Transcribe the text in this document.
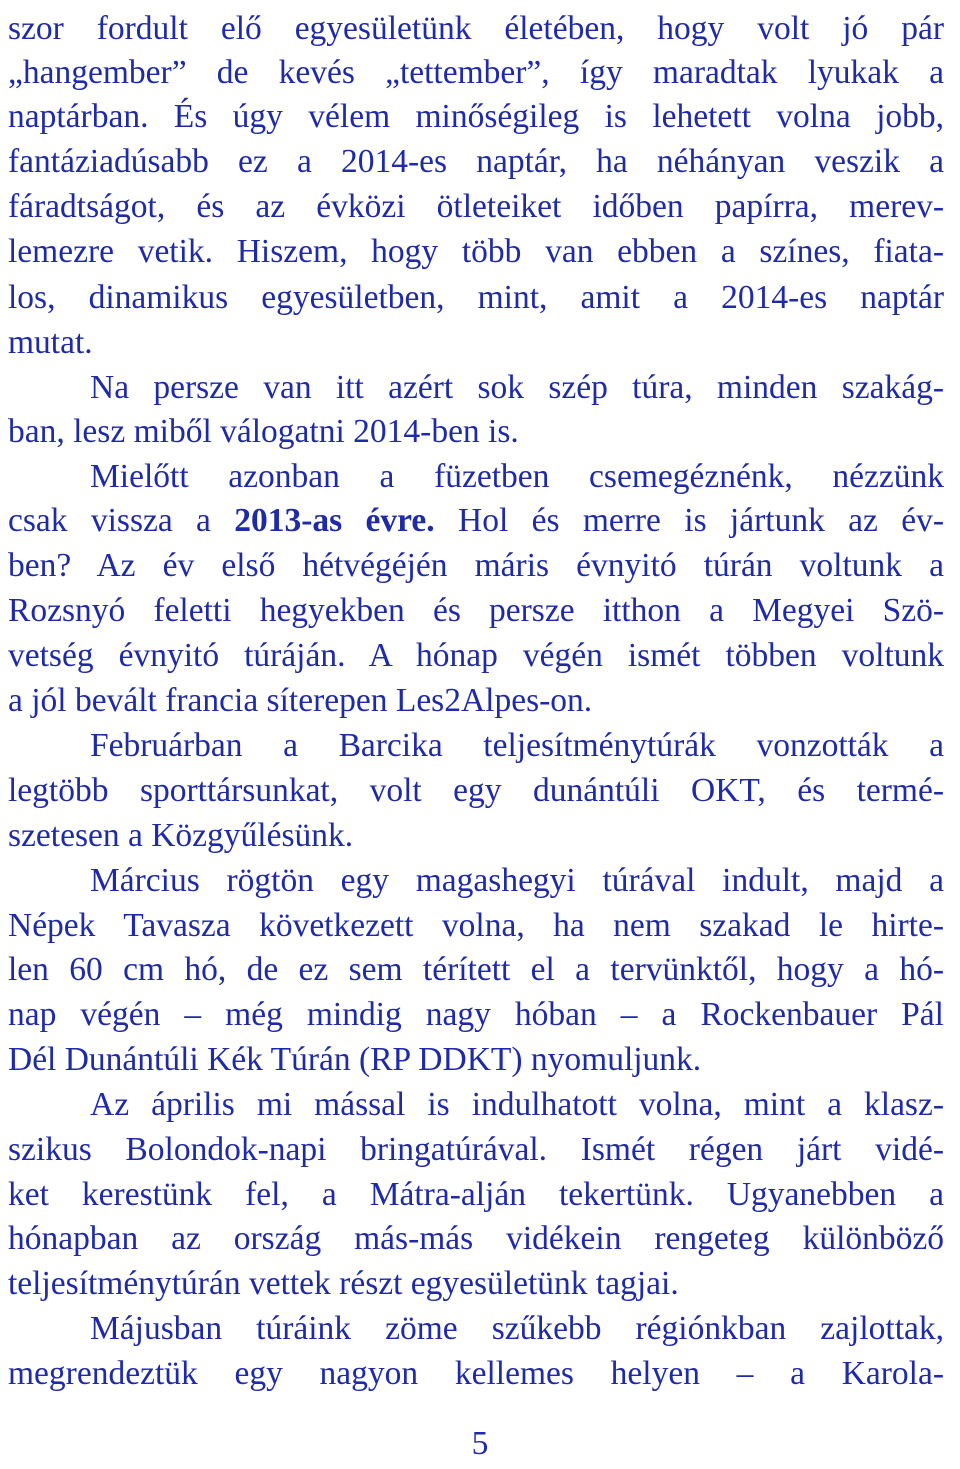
szor fordult elő egyesületünk életében, hogy volt jó pár
„hangember” de kevés „tettember”, így maradtak lyukak a
naptárban. És úgy vélem minőségileg is lehetett volna jobb,
fantáziadúsabb ez a 2014-es naptár, ha néhányan veszik a
fáradtságot, és az évközi ötleteiket időben papírra, merev-
lemezre vetik. Hiszem, hogy több van ebben a színes, fiata-
los, dinamikus egyesületben, mint, amit a 2014-es naptár
mutat.
Na persze van itt azért sok szép túra, minden szakág-
ban, lesz miből válogatni 2014-ben is.
Mielőtt azonban a füzetben csemegéznénk, nézzünk
csak vissza a 2013-as évre. Hol és merre is jártunk az év-
ben? Az év első hétvégéjén máris évnyitó túrán voltunk a
Rozsnyó feletti hegyekben és persze itthon a Megyei Szö-
vetség évnyitó túráján. A hónap végén ismét többen voltunk
a jól bevált francia síterepen Les2Alpes-on.
Februárban a Barcika teljesítménytúrák vonzották a
legtöbb sporttársunkat, volt egy dunántúli OKT, és termé-
szetesen a Közgyűlésünk.
Március rögtön egy magashegyi túrával indult, majd a
Népek Tavasza következett volna, ha nem szakad le hirte-
len 60 cm hó, de ez sem térített el a tervünktől, hogy a hó-
nap végén – még mindig nagy hóban – a Rockenbauer Pál
Dél Dunántúli Kék Túrán (RP DDKT) nyomuljunk.
Az április mi mással is indulhatott volna, mint a klasz-
szikus Bolondok-napi bringatúrával. Ismét régen járt vidé-
ket kerestünk fel, a Mátra-alján tekertünk. Ugyanebben a
hónapban az ország más-más vidékein rengeteg különböző
teljesítménytúrán vettek részt egyesületünk tagjai.
Májusban túráink zöme szűkebb régiónkban zajlottak,
megrendeztük egy nagyon kellemes helyen – a Karola-
5
